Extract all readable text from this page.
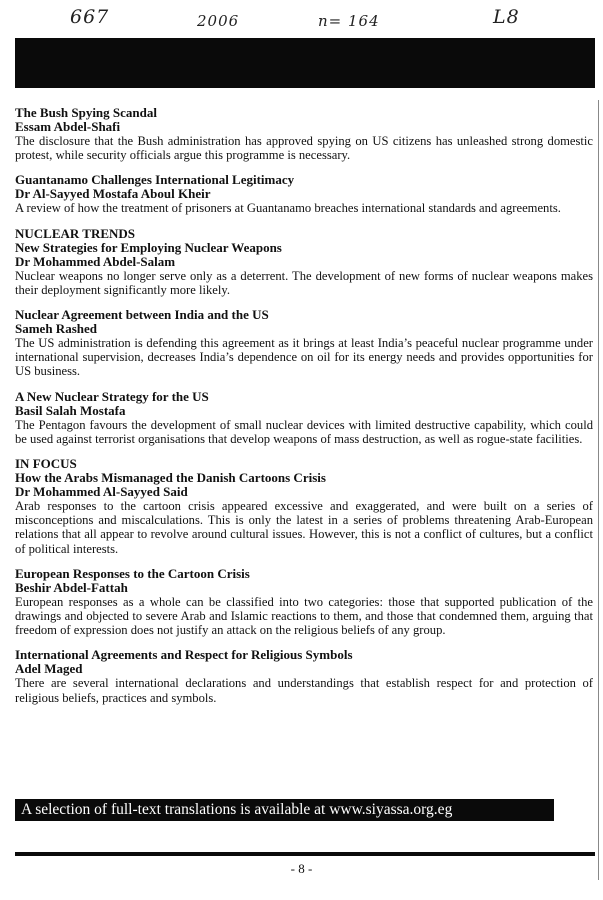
667	2006	n= 164	L8
The Bush Spying Scandal
Essam Abdel-Shafi
The disclosure that the Bush administration has approved spying on US citizens has unleashed strong domestic protest, while security officials argue this programme is necessary.
Guantanamo Challenges International Legitimacy
Dr Al-Sayyed Mostafa Aboul Kheir
A review of how the treatment of prisoners at Guantanamo breaches international standards and agreements.
NUCLEAR TRENDS
New Strategies for Employing Nuclear Weapons
Dr Mohammed Abdel-Salam
Nuclear weapons no longer serve only as a deterrent. The development of new forms of nuclear weapons makes their deployment significantly more likely.
Nuclear Agreement between India and the US
Sameh Rashed
The US administration is defending this agreement as it brings at least India’s peaceful nuclear programme under international supervision, decreases India’s dependence on oil for its energy needs and provides opportunities for US business.
A New Nuclear Strategy for the US
Basil Salah Mostafa
The Pentagon favours the development of small nuclear devices with limited destructive capability, which could be used against terrorist organisations that develop weapons of mass destruction, as well as rogue-state facilities.
IN FOCUS
How the Arabs Mismanaged the Danish Cartoons Crisis
Dr Mohammed Al-Sayyed Said
Arab responses to the cartoon crisis appeared excessive and exaggerated, and were built on a series of misconceptions and miscalculations. This is only the latest in a series of problems threatening Arab-European relations that all appear to revolve around cultural issues. However, this is not a conflict of cultures, but a conflict of political interests.
European Responses to the Cartoon Crisis
Beshir Abdel-Fattah
European responses as a whole can be classified into two categories: those that supported publication of the drawings and objected to severe Arab and Islamic reactions to them, and those that condemned them, arguing that freedom of expression does not justify an attack on the religious beliefs of any group.
International Agreements and Respect for Religious Symbols
Adel Maged
There are several international declarations and understandings that establish respect for and protection of religious beliefs, practices and symbols.
A selection of full-text translations is available at www.siyassa.org.eg
- 8 -
